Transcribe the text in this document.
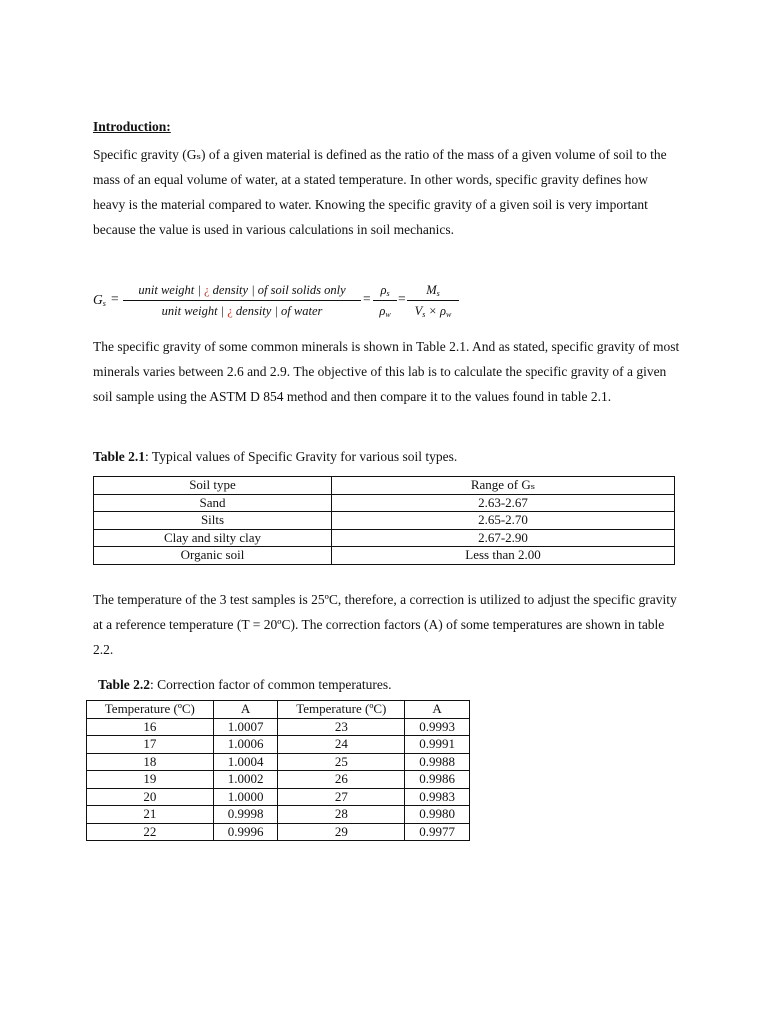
Introduction:

Specific gravity (Gₛ) of a given material is defined as the ratio of the mass of a given volume of soil to the mass of an equal volume of water, at a stated temperature. In other words, specific gravity defines how heavy is the material compared to water. Knowing the specific gravity of a given soil is very important because the value is used in various calculations in soil mechanics.

$G_s$ =
unit weight | ¿ density | of soil solids only
unit weight | ¿ density | of water
=
$\rho_s$
$\rho_w$
=
$M_s$
$V_s \times \rho_w$

The specific gravity of some common minerals is shown in Table 2.1. And as stated, specific gravity of most minerals varies between 2.6 and 2.9. The objective of this lab is to calculate the specific gravity of a given soil sample using the ASTM D 854 method and then compare it to the values found in table 2.1.

Table 2.1: Typical values of Specific Gravity for various soil types.
Soil type	Range of Gₛ
Sand	2.63-2.67
Silts	2.65-2.70
Clay and silty clay	2.67-2.90
Organic soil	Less than 2.00

The temperature of the 3 test samples is 25ºC, therefore, a correction is utilized to adjust the specific gravity at a reference temperature (T = 20ºC). The correction factors (A) of some temperatures are shown in table 2.2.

Table 2.2: Correction factor of common temperatures.
Temperature (ºC)	A	Temperature (ºC)	A
16	1.0007	23	0.9993
17	1.0006	24	0.9991
18	1.0004	25	0.9988
19	1.0002	26	0.9986
20	1.0000	27	0.9983
21	0.9998	28	0.9980
22	0.9996	29	0.9977
